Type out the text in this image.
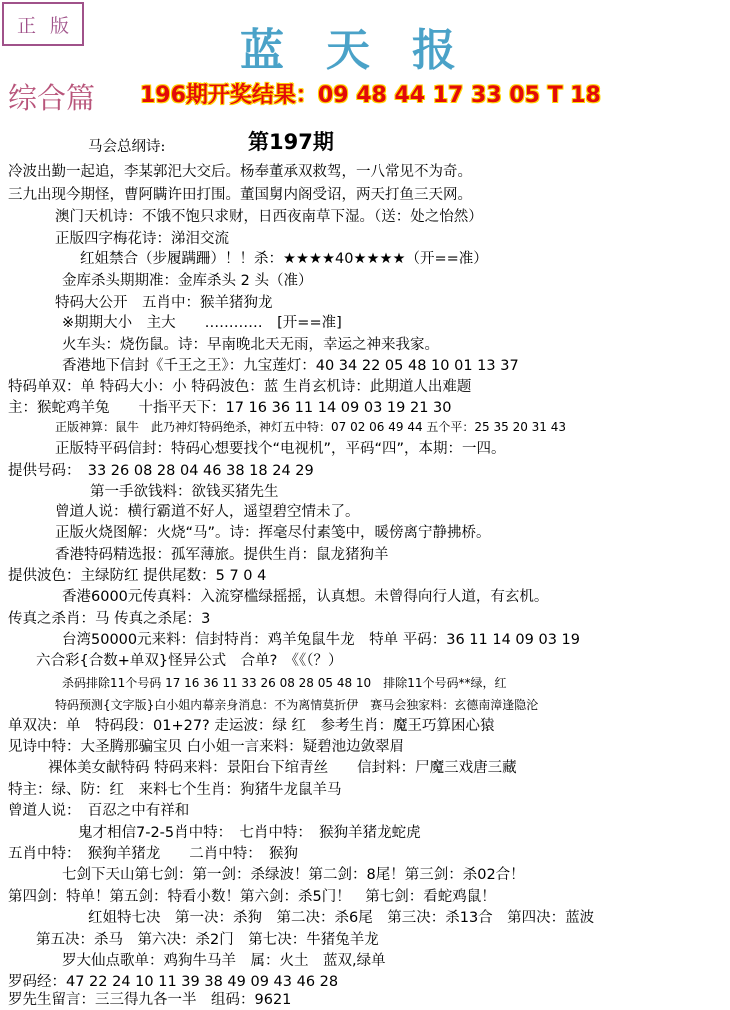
正 版	蓝天报
综合篇 196期开奖结果：09 48 44 17 33 05 T 18
第197期
马会总纲诗:
冷波出勤一起追，李某郭汜大交后。杨奉董承双救驾，一八常见不为奇。
三九出现今期怪，曹阿瞒许田打围。董国舅内阁受诏，两天打鱼三天网。
澳门天机诗：不饿不饱只求财，日西夜南草下湿。（送：处之怡然）
正版四字梅花诗：涕泪交流
红姐禁合（步履蹒跚）！！杀：★★★★40★★★★（开==准）
金库杀头期期准：金库杀头 2 头（准）
特码大公开　五肖中：猴羊猪狗龙
※期期大小　主大　　…………　[开==准]
火车头：烧伤鼠。诗：早南晚北天无雨，幸运之神来我家。
香港地下信封《千王之王》：九宝莲灯：40 34 22 05 48 10 01 13 37
特码单双：单 特码大小：小 特码波色：蓝 生肖玄机诗：此期道人出难题
主：猴蛇鸡羊兔　　十指平天下：17 16 36 11 14 09 03 19 21 30
正版神算：鼠牛　此乃神灯特码绝杀，神灯五中特：07 02 06 49 44 五个平：25 35 20 31 43
正版特平码信封：特码心想要找个“电视机”，平码“四”，本期：一四。
提供号码：　33 26 08 28 04 46 38 18 24 29
第一手欲钱料：欲钱买猪先生
曾道人说：横行霸道不好人，遥望碧空情未了。
正版火烧图解：火烧“马”。诗：挥毫尽付素笺中，暖傍离宁静拂桥。
香港特码精选报：孤军薄旅。提供生肖：鼠龙猪狗羊
提供波色：主绿防红 提供尾数：5 7 0 4
香港6000元传真料：入流穿槛绿摇摇，认真想。未曾得向行人道，有玄机。
传真之杀肖：马 传真之杀尾：3
台湾50000元来料：信封特肖：鸡羊兔鼠牛龙　特单 平码：36 11 14 09 03 19
六合彩{合数+单双}怪异公式　合单?　《《（？）
杀码排除11个号码 17 16 36 11 33 26 08 28 05 48 10　排除11个号码**绿，红
特码预测{文字版}白小姐内幕亲身消息：不为离情莫折伊　赛马会独家料：玄德南漳逢隐沦
单双决：单　特码段：01+27? 走运波：绿 红　参考生肖：魔王巧算困心猿
见诗中特：大圣腾那骗宝贝 白小姐一言来料：疑碧池边敛翠眉
裸体美女献特码 特码来料：景阳台下绾青丝　　信封料：尸魔三戏唐三藏
特主：绿、防：红　来料七个生肖：狗猪牛龙鼠羊马
曾道人说：　百忍之中有祥和
鬼才相信7-2-5肖中特：　七肖中特：　猴狗羊猪龙蛇虎
五肖中特：　猴狗羊猪龙　　二肖中特：　猴狗
七剑下天山第七剑：第一剑：杀绿波！第二剑：8尾！第三剑：杀02合！
第四剑：特单！第五剑：特看小数！第六剑：杀5门！　第七剑：看蛇鸡鼠！
红姐特七决　第一决：杀狗　第二决：杀6尾　第三决：杀13合　第四决：蓝波
第五决：杀马　第六决：杀2门　第七决：牛猪兔羊龙
罗大仙点歌单：鸡狗牛马羊　属：火土　蓝双,绿单
罗码经：47 22 24 10 11 39 38 49 09 43 46 28
罗先生留言：三三得九各一半　组码：9621
